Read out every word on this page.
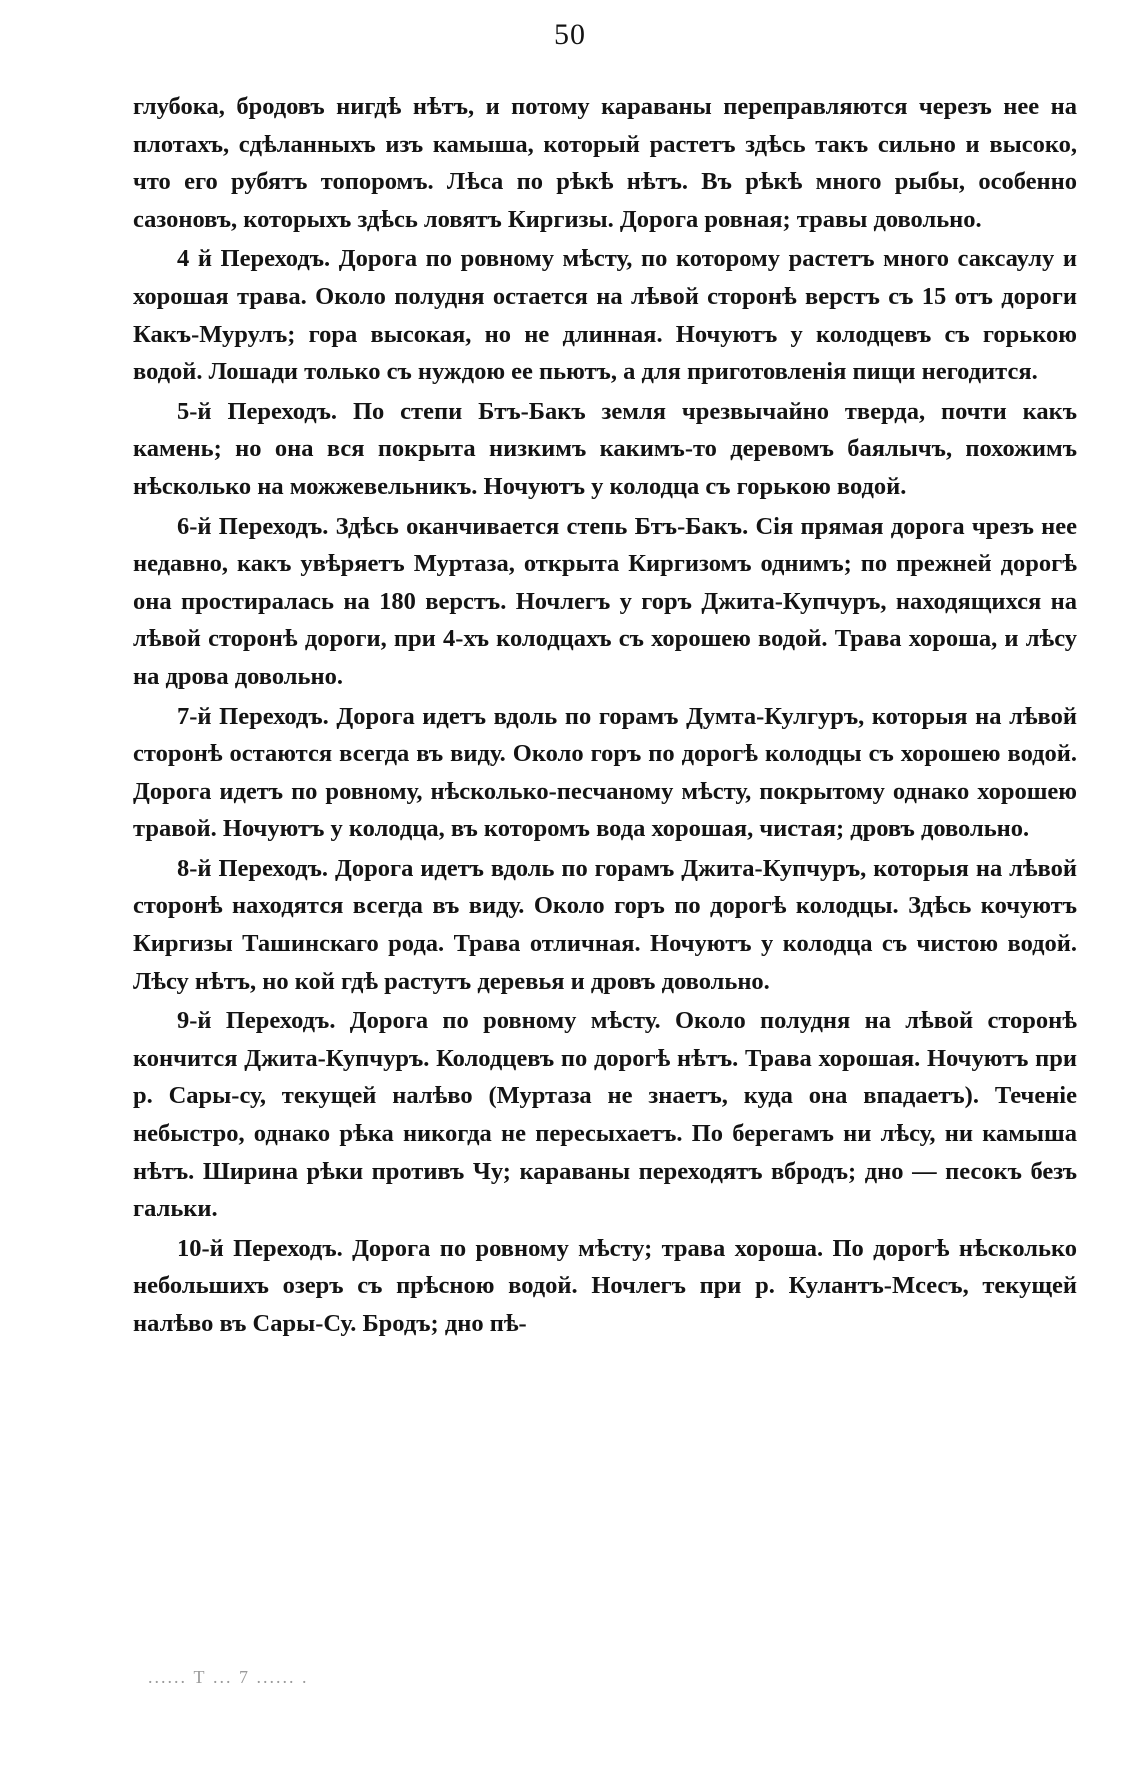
50

глубока, бродовъ нигдѣ нѣтъ, и потому караваны переправляются черезъ нее на плотахъ, сдѣланныхъ изъ камыша, который растетъ здѣсь такъ сильно и высоко, что его рубятъ топоромъ. Лѣса по рѣкѣ нѣтъ. Въ рѣкѣ много рыбы, особенно сазоновъ, которыхъ здѣсь ловятъ Киргизы. Дорога ровная; травы довольно.

4 й Переходъ. Дорога по ровному мѣсту, по которому растетъ много саксаулу и хорошая трава. Около полудня остается на лѣвой сторонѣ верстъ съ 15 отъ дороги Какъ-Мурулъ; гора высокая, но не длинная. Ночуютъ у колодцевъ съ горькою водой. Лошади только съ нуждою ее пьютъ, а для приготовленія пищи негодится.

5-й Переходъ. По степи Бтъ-Бакъ земля чрезвычайно тверда, почти какъ камень; но она вся покрыта низкимъ какимъ-то деревомъ баялычъ, похожимъ нѣсколько на можжевельникъ. Ночуютъ у колодца съ горькою водой.

6-й Переходъ. Здѣсь оканчивается степь Бтъ-Бакъ. Сія прямая дорога чрезъ нее недавно, какъ увѣряетъ Муртаза, открыта Киргизомъ однимъ; по прежней дорогѣ она простиралась на 180 верстъ. Ночлегъ у горъ Джита-Купчуръ, находящихся на лѣвой сторонѣ дороги, при 4-хъ колодцахъ съ хорошею водой. Трава хороша, и лѣсу на дрова довольно.

7-й Переходъ. Дорога идетъ вдоль по горамъ Думта-Кулгуръ, которыя на лѣвой сторонѣ остаются всегда въ виду. Около горъ по дорогѣ колодцы съ хорошею водой. Дорога идетъ по ровному, нѣсколько-песчаному мѣсту, покрытому однако хорошею травой. Ночуютъ у колодца, въ которомъ вода хорошая, чистая; дровъ довольно.

8-й Переходъ. Дорога идетъ вдоль по горамъ Джита-Купчуръ, которыя на лѣвой сторонѣ находятся всегда въ виду. Около горъ по дорогѣ колодцы. Здѣсь кочуютъ Киргизы Ташинскаго рода. Трава отличная. Ночуютъ у колодца съ чистою водой. Лѣсу нѣтъ, но кой гдѣ растутъ деревья и дровъ довольно.

9-й Переходъ. Дорога по ровному мѣсту. Около полудня на лѣвой сторонѣ кончится Джита-Купчуръ. Колодцевъ по дорогѣ нѣтъ. Трава хорошая. Ночуютъ при р. Сары-су, текущей налѣво (Муртаза не знаетъ, куда она впадаетъ). Теченіе небыстро, однако рѣка никогда не пересыхаетъ. По берегамъ ни лѣсу, ни камыша нѣтъ. Ширина рѣки противъ Чу; караваны переходятъ вбродъ; дно — песокъ безъ гальки.

10-й Переходъ. Дорога по ровному мѣсту; трава хороша. По дорогѣ нѣсколько небольшихъ озеръ съ прѣсною водой. Ночлегъ при р. Кулантъ-Мсесъ, текущей налѣво въ Сары-Су. Бродъ; дно пѣ-

...... Т ... 7 ...... .
